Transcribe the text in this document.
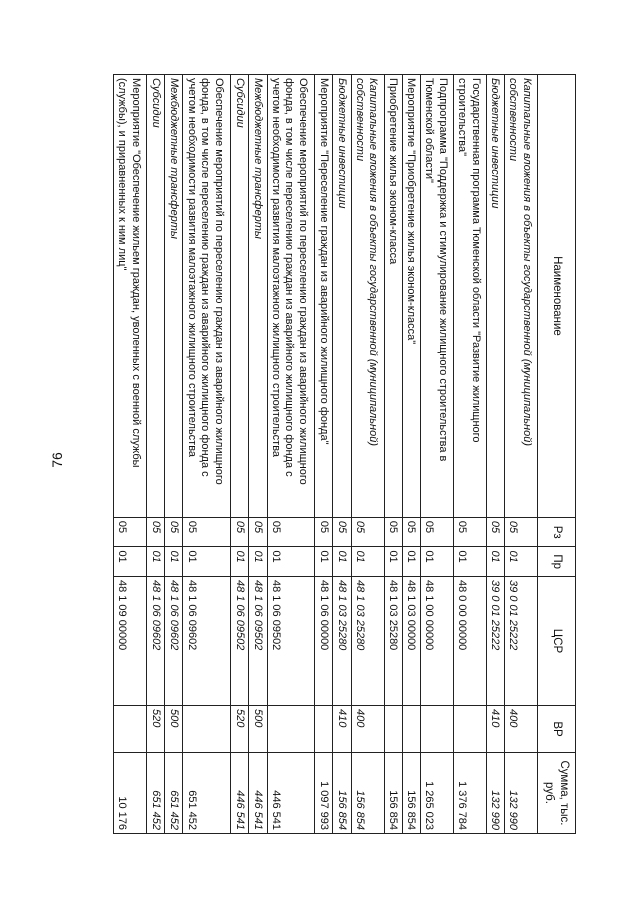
76
Наименование	Рз	Пр	ЦСР	ВР	Сумма, тыс. руб.
Капитальные вложения в объекты государственной (муниципальной) собственности	05	01	39 0 01 25222	400	132 990
Бюджетные инвестиции	05	01	39 0 01 25222	410	132 990
Государственная программа Тюменской области "Развитие жилищного строительства"	05	01	48 0 00 00000		1 376 784
Подпрограмма "Поддержка и стимулирование жилищного строительства в Тюменской области"	05	01	48 1 00 00000		1 265 023
Мероприятие "Приобретение жилья эконом-класса"	05	01	48 1 03 00000		156 854
Приобретение жилья эконом-класса	05	01	48 1 03 25280		156 854
Капитальные вложения в объекты государственной (муниципальной) собственности	05	01	48 1 03 25280	400	156 854
Бюджетные инвестиции	05	01	48 1 03 25280	410	156 854
Мероприятие "Переселение граждан из аварийного жилищного фонда"	05	01	48 1 06 00000		1 097 993
Обеспечение мероприятий по переселению граждан из аварийного жилищного фонда, в том числе переселению граждан из аварийного жилищного фонда с учетом необходимости развития малоэтажного жилищного строительства	05	01	48 1 06 09502		446 541
Межбюджетные трансферты	05	01	48 1 06 09502	500	446 541
Субсидии	05	01	48 1 06 09502	520	446 541
Обеспечение мероприятий по переселению граждан из аварийного жилищного фонда, в том числе переселению граждан из аварийного жилищного фонда с учетом необходимости развития малоэтажного жилищного строительства	05	01	48 1 06 09602		651 452
Межбюджетные трансферты	05	01	48 1 06 09602	500	651 452
Субсидии	05	01	48 1 06 09602	520	651 452
Мероприятие "Обеспечение жильем граждан, уволенных с военной службы (службы), и приравненных к ним лиц"	05	01	48 1 09 00000		10 176
